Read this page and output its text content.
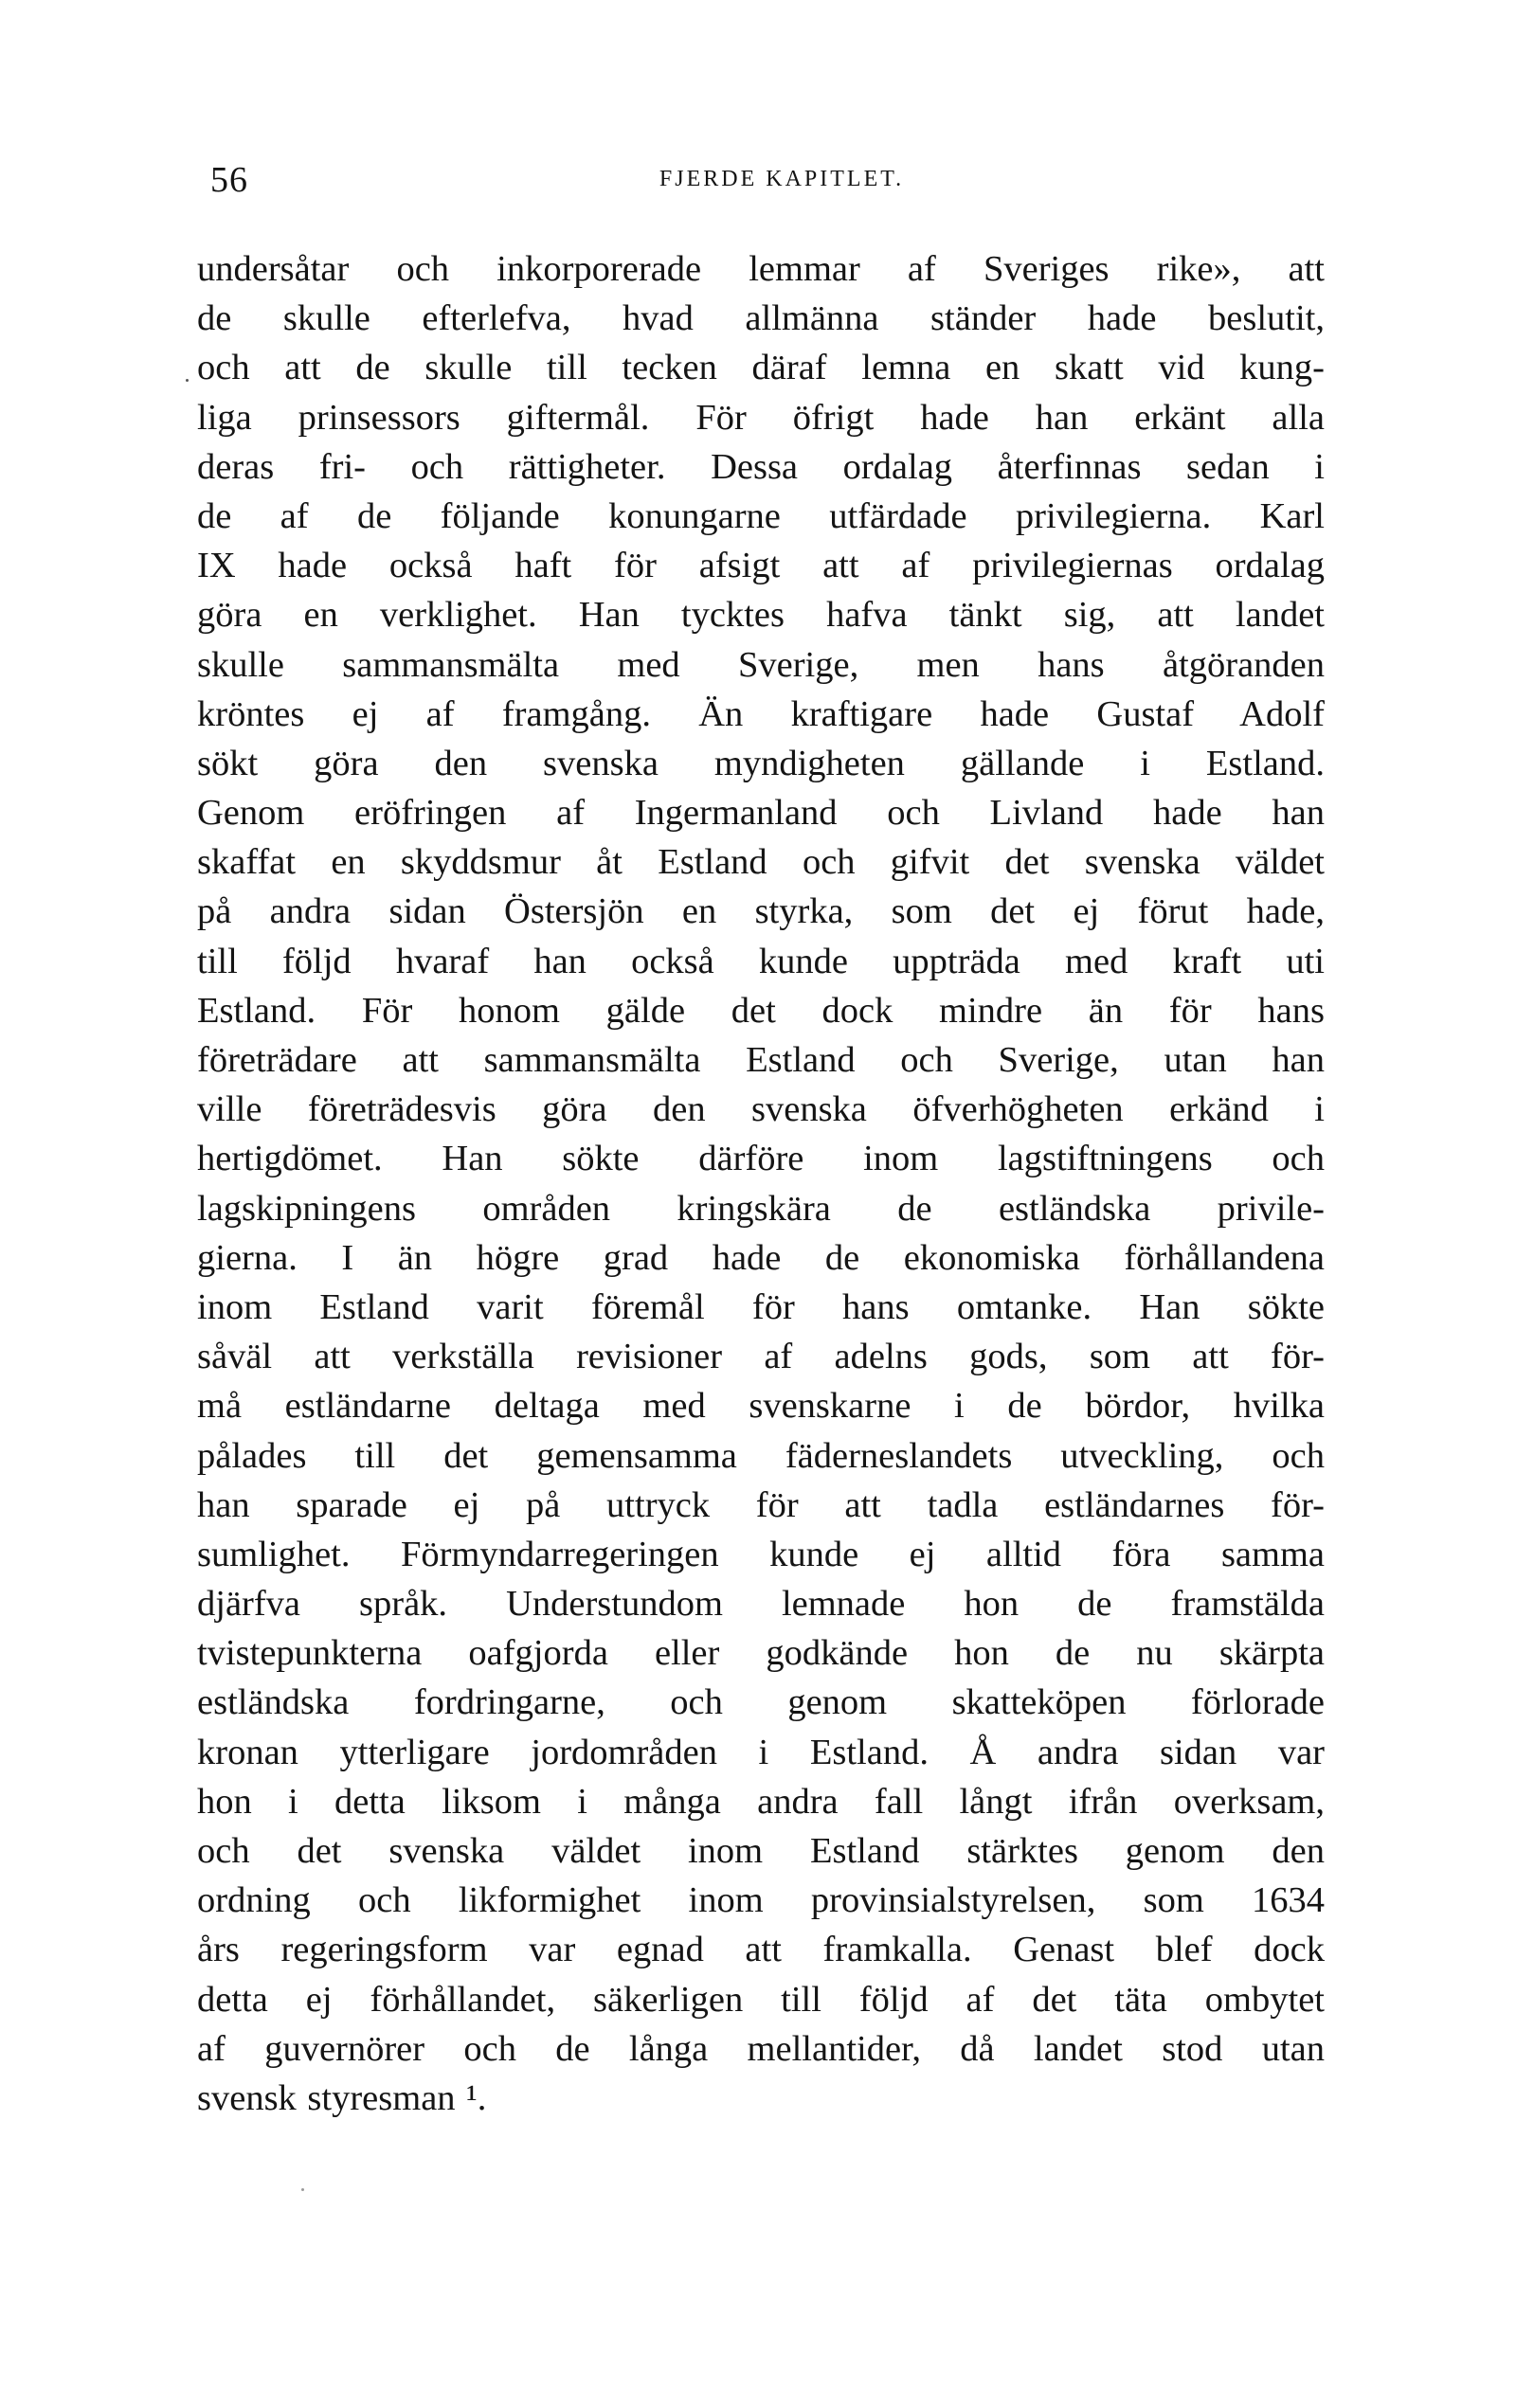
56	FJERDE KAPITLET.
undersåtar och inkorporerade lemmar af Sveriges rike», att
de skulle efterlefva, hvad allmänna ständer hade beslutit,
och att de skulle till tecken däraf lemna en skatt vid kung-
liga prinsessors giftermål. För öfrigt hade han erkänt alla
deras fri- och rättigheter. Dessa ordalag återfinnas sedan i
de af de följande konungarne utfärdade privilegierna. Karl
IX hade också haft för afsigt att af privilegiernas ordalag
göra en verklighet. Han tycktes hafva tänkt sig, att landet
skulle sammansmälta med Sverige, men hans åtgöranden
kröntes ej af framgång. Än kraftigare hade Gustaf Adolf
sökt göra den svenska myndigheten gällande i Estland.
Genom eröfringen af Ingermanland och Livland hade han
skaffat en skyddsmur åt Estland och gifvit det svenska väldet
på andra sidan Östersjön en styrka, som det ej förut hade,
till följd hvaraf han också kunde uppträda med kraft uti
Estland. För honom gälde det dock mindre än för hans
företrädare att sammansmälta Estland och Sverige, utan han
ville företrädesvis göra den svenska öfverhögheten erkänd i
hertigdömet. Han sökte därföre inom lagstiftningens och
lagskipningens områden kringskära de estländska privile-
gierna. I än högre grad hade de ekonomiska förhållandena
inom Estland varit föremål för hans omtanke. Han sökte
såväl att verkställa revisioner af adelns gods, som att för-
må estländarne deltaga med svenskarne i de bördor, hvilka
pålades till det gemensamma fäderneslandets utveckling, och
han sparade ej på uttryck för att tadla estländarnes för-
sumlighet. Förmyndarregeringen kunde ej alltid föra samma
djärfva språk. Understundom lemnade hon de framstälda
tvistepunkterna oafgjorda eller godkände hon de nu skärpta
estländska fordringarne, och genom skatteköpen förlorade
kronan ytterligare jordområden i Estland. Å andra sidan var
hon i detta liksom i många andra fall långt ifrån overksam,
och det svenska väldet inom Estland stärktes genom den
ordning och likformighet inom provinsialstyrelsen, som 1634
års regeringsform var egnad att framkalla. Genast blef dock
detta ej förhållandet, säkerligen till följd af det täta ombytet
af guvernörer och de långa mellantider, då landet stod utan
svensk styresman ¹.
